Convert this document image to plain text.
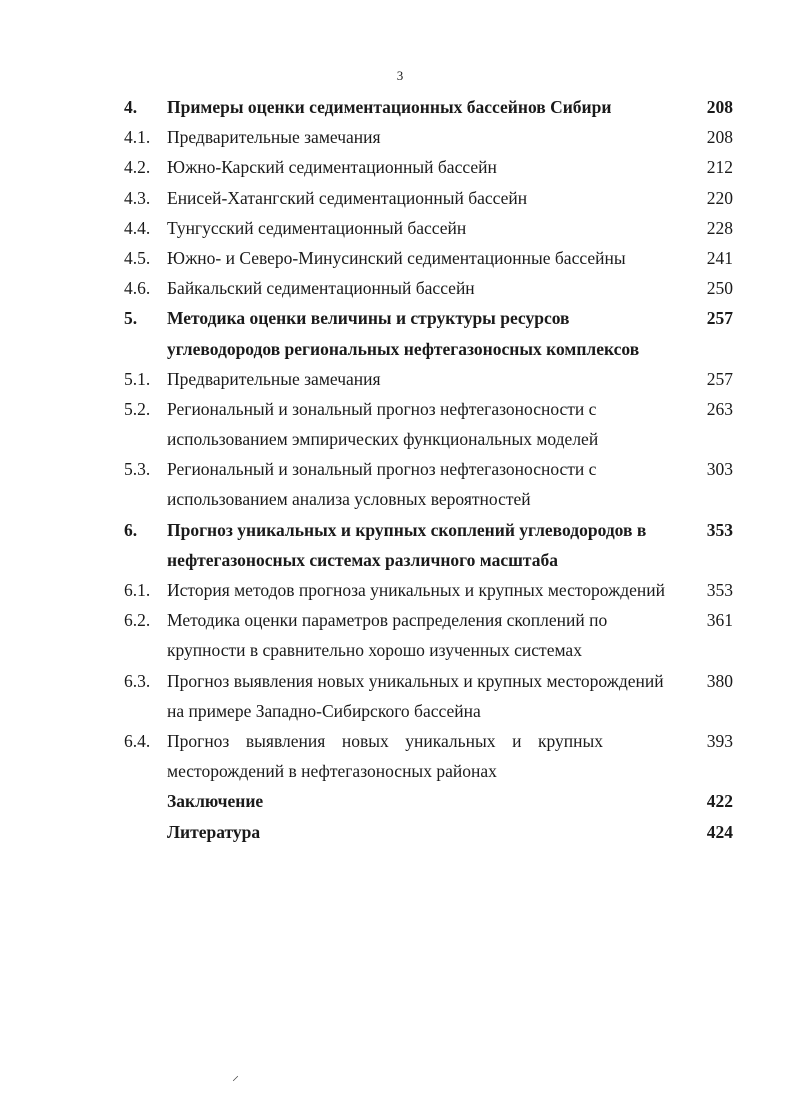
3
4. Примеры оценки седиментационных бассейнов Сибири	208
4.1. Предварительные замечания	208
4.2. Южно-Карский седиментационный бассейн	212
4.3. Енисей-Хатангский седиментационный бассейн	220
4.4. Тунгусский седиментационный бассейн	228
4.5. Южно- и Северо-Минусинский седиментационные бассейны	241
4.6. Байкальский седиментационный бассейн	250
5. Методика оценки величины и структуры ресурсов	257
углеводородов региональных нефтегазоносных комплексов
5.1. Предварительные замечания	257
5.2. Региональный и зональный прогноз нефтегазоносности с	263
использованием эмпирических функциональных моделей
5.3. Региональный и зональный прогноз нефтегазоносности с	303
использованием анализа условных вероятностей
6. Прогноз уникальных и крупных скоплений углеводородов в	353
нефтегазоносных системах различного масштаба
6.1. История методов прогноза уникальных и крупных месторождений	353
6.2. Методика оценки параметров распределения скоплений по	361
крупности в сравнительно хорошо изученных системах
6.3. Прогноз выявления новых уникальных и крупных месторождений	380
на примере Западно-Сибирского бассейна
6.4. Прогноз выявления новых уникальных и крупных	393
месторождений в нефтегазоносных районах
Заключение	422
Литература	424
⸝
